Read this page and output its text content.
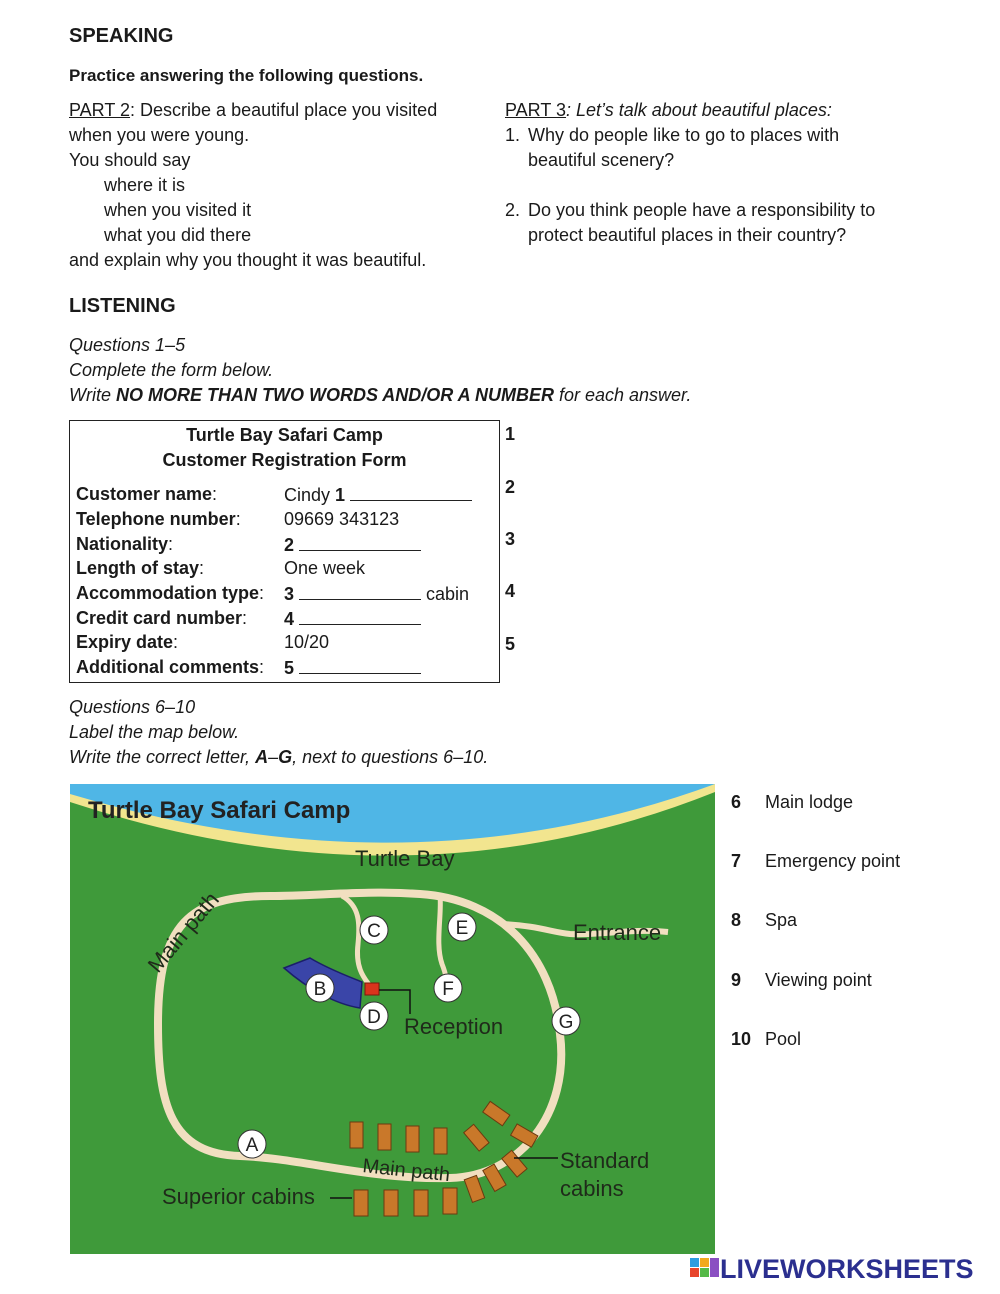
SPEAKING
Practice answering the following questions.
PART 2: Describe a beautiful place you visited
when you were young.
You should say
where it is
when you visited it
what you did there
and explain why you thought it was beautiful.
PART 3: Let’s talk about beautiful places:
1. Why do people like to go to places with
beautiful scenery?
2. Do you think people have a responsibility to
protect beautiful places in their country?
LISTENING
Questions 1–5
Complete the form below.
Write NO MORE THAN TWO WORDS AND/OR A NUMBER for each answer.
Turtle Bay Safari Camp
Customer Registration Form
Customer name:	Cindy 1
Telephone number: 09669 343123
Nationality:	2
Length of stay:	One week
Accommodation type: 3	cabin
Credit card number: 4
Expiry date:	10/20
Additional comments: 5
1
2
3
4
5
Questions 6–10
Label the map below.
Write the correct letter, A–G, next to questions 6–10.
Turtle Bay Safari Camp
Turtle Bay
Reception
Main path
Main path
Entrance
Standard
cabins
Superior cabins
A
B
C
D
E
F
G
6 Main lodge
7 Emergency point
8 Spa
9 Viewing point
10 Pool
LIVEWORKSHEETS
